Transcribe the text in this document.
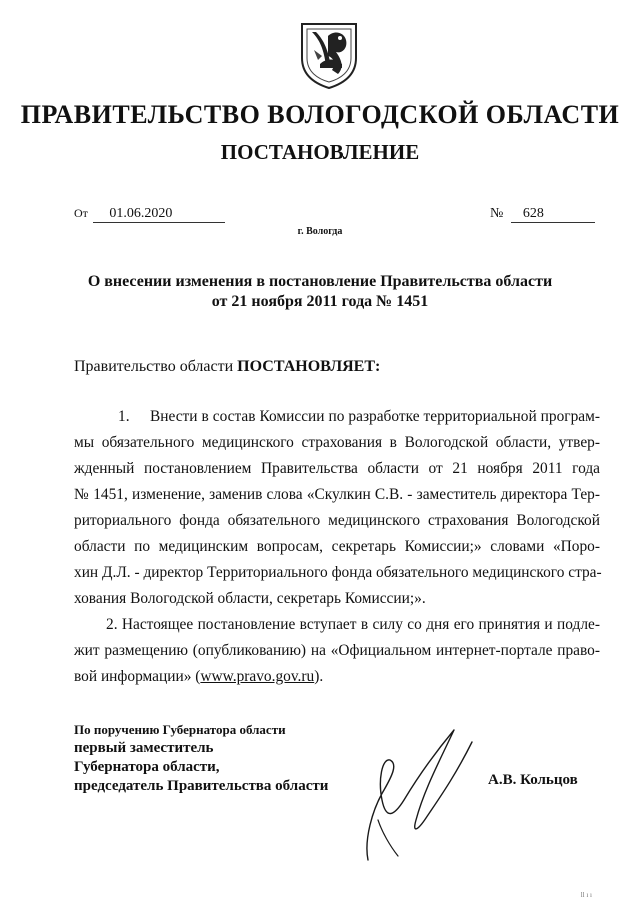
ПРАВИТЕЛЬСТВО ВОЛОГОДСКОЙ ОБЛАСТИ
ПОСТАНОВЛЕНИЕ
От 01.06.2020	№ 628
г. Вологда
О внесении изменения в постановление Правительства области
от 21 ноября 2011 года № 1451
Правительство области ПОСТАНОВЛЯЕТ:
1. Внести в состав Комиссии по разработке территориальной програм-
мы обязательного медицинского страхования в Вологодской области, утвер-
жденный постановлением Правительства области от 21 ноября 2011 года
№ 1451, изменение, заменив слова «Скулкин С.В. - заместитель директора Тер-
риториального фонда обязательного медицинского страхования Вологодской
области по медицинским вопросам, секретарь Комиссии;» словами «Поро-
хин Д.Л. - директор Территориального фонда обязательного медицинского стра-
хования Вологодской области, секретарь Комиссии;».
2. Настоящее постановление вступает в силу со дня его принятия и подле-
жит размещению (опубликованию) на «Официальном интернет-портале право-
вой информации» (www.pravo.gov.ru).
По поручению Губернатора области
первый заместитель
Губернатора области,
председатель Правительства области	А.В. Кольцов
ll ı ı
